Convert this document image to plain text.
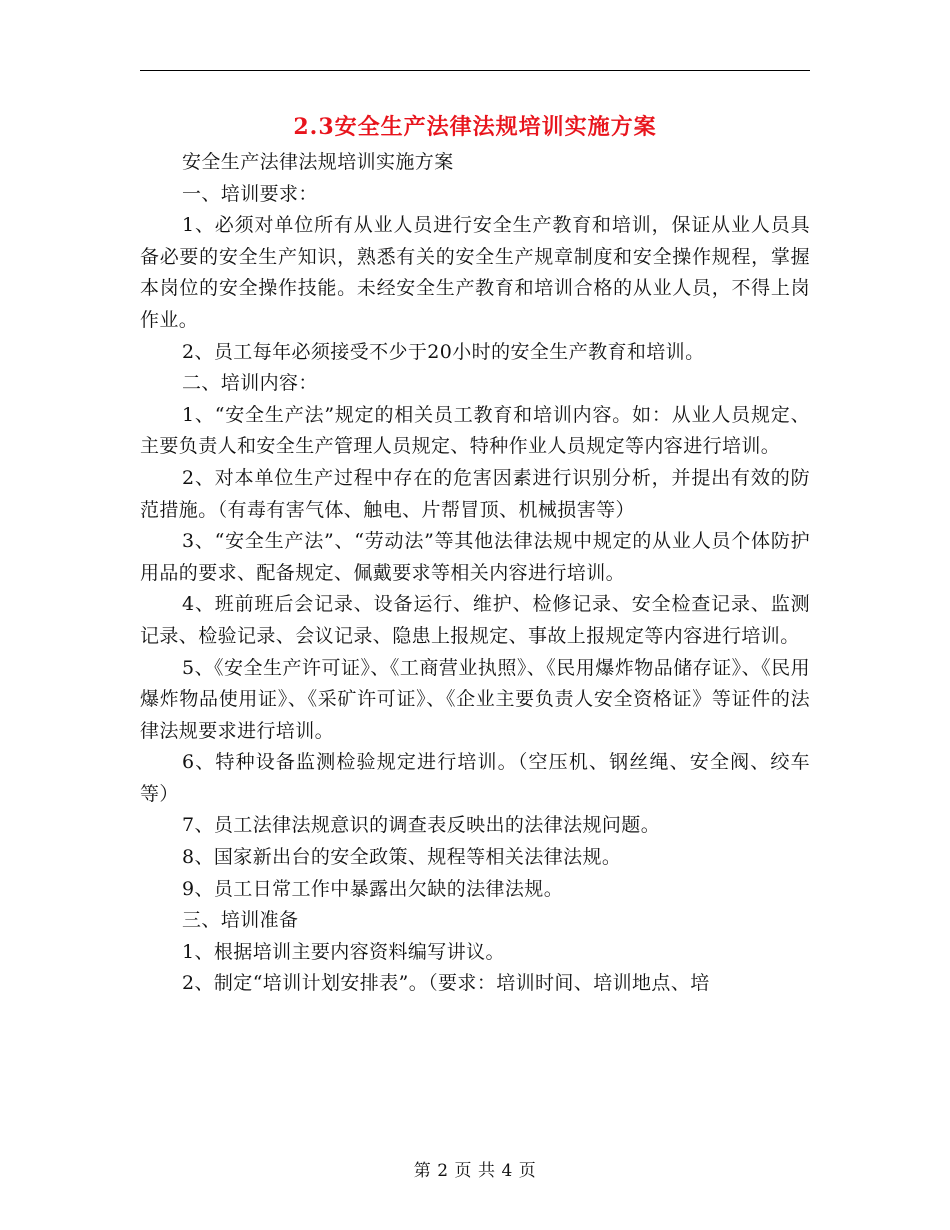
2.3安全生产法律法规培训实施方案

安全生产法律法规培训实施方案

一、培训要求：

1、必须对单位所有从业人员进行安全生产教育和培训，保证从业人员具备必要的安全生产知识，熟悉有关的安全生产规章制度和安全操作规程，掌握本岗位的安全操作技能。未经安全生产教育和培训合格的从业人员，不得上岗作业。

2、员工每年必须接受不少于20小时的安全生产教育和培训。

二、培训内容：

1、“安全生产法”规定的相关员工教育和培训内容。如：从业人员规定、主要负责人和安全生产管理人员规定、特种作业人员规定等内容进行培训。

2、对本单位生产过程中存在的危害因素进行识别分析，并提出有效的防范措施。（有毒有害气体、触电、片帮冒顶、机械损害等）

3、“安全生产法”、“劳动法”等其他法律法规中规定的从业人员个体防护用品的要求、配备规定、佩戴要求等相关内容进行培训。

4、班前班后会记录、设备运行、维护、检修记录、安全检查记录、监测记录、检验记录、会议记录、隐患上报规定、事故上报规定等内容进行培训。

5、《安全生产许可证》、《工商营业执照》、《民用爆炸物品储存证》、《民用爆炸物品使用证》、《采矿许可证》、《企业主要负责人安全资格证》等证件的法律法规要求进行培训。

6、特种设备监测检验规定进行培训。（空压机、钢丝绳、安全阀、绞车等）

7、员工法律法规意识的调查表反映出的法律法规问题。

8、国家新出台的安全政策、规程等相关法律法规。

9、员工日常工作中暴露出欠缺的法律法规。

三、培训准备

1、根据培训主要内容资料编写讲议。

2、制定“培训计划安排表”。（要求：培训时间、培训地点、培

第 2 页 共 4 页
